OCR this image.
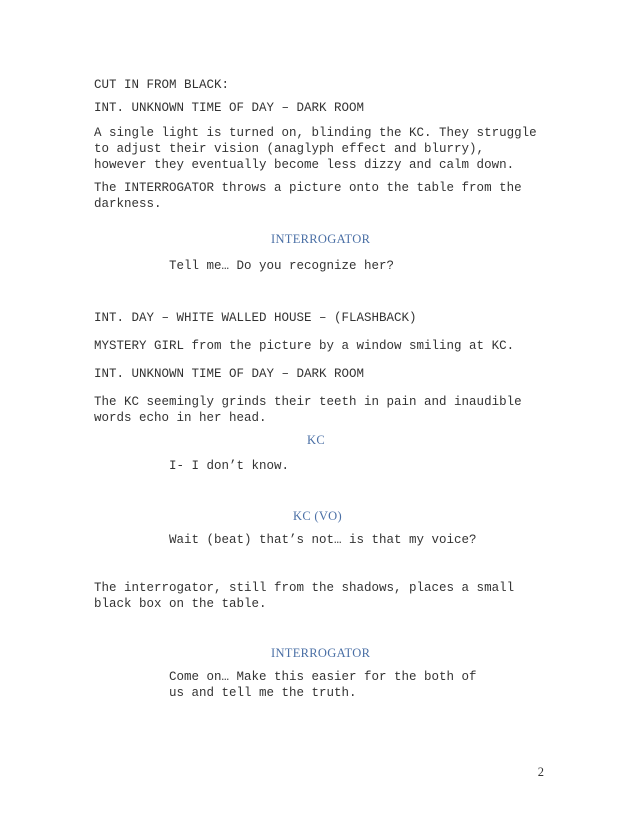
CUT IN FROM BLACK:
INT. UNKNOWN TIME OF DAY – DARK ROOM
A single light is turned on, blinding the KC. They struggle
to adjust their vision (anaglyph effect and blurry),
however they eventually become less dizzy and calm down.
The INTERROGATOR throws a picture onto the table from the
darkness.
INTERROGATOR
Tell me… Do you recognize her?
INT. DAY – WHITE WALLED HOUSE – (FLASHBACK)
MYSTERY GIRL from the picture by a window smiling at KC.
INT. UNKNOWN TIME OF DAY – DARK ROOM
The KC seemingly grinds their teeth in pain and inaudible
words echo in her head.
KC
I- I don’t know.
KC (VO)
Wait (beat) that’s not… is that my voice?
The interrogator, still from the shadows, places a small
black box on the table.
INTERROGATOR
Come on… Make this easier for the both of
us and tell me the truth.
2
